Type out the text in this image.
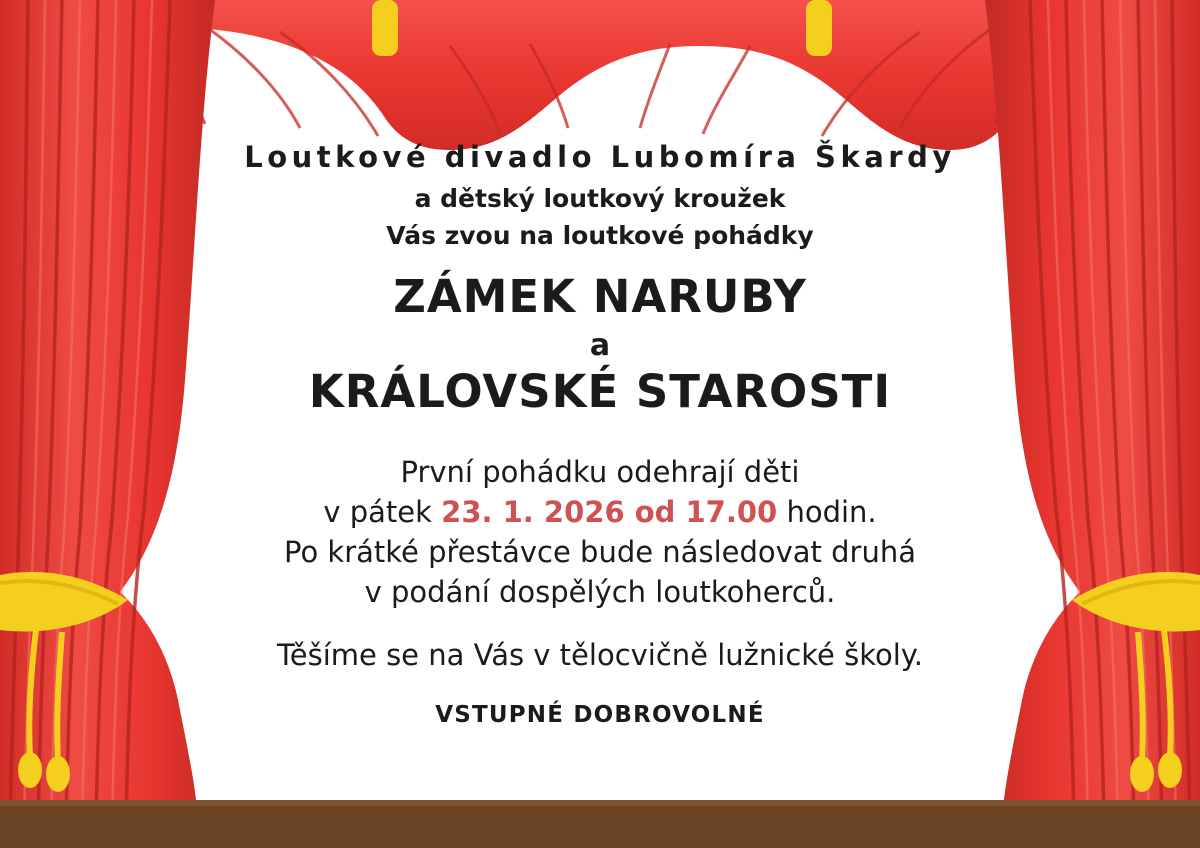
Loutkové divadlo Lubomíra Škardy

a dětský loutkový kroužek

Vás zvou na loutkové pohádky

ZÁMEK NARUBY

a

KRÁLOVSKÉ STAROSTI

První pohádku odehrají děti
v pátek 23. 1. 2026 od 17.00 hodin.
Po krátké přestávce bude následovat druhá
v podání dospělých loutkoherců.

Těšíme se na Vás v tělocvičně lužnické školy.

VSTUPNÉ DOBROVOLNÉ
